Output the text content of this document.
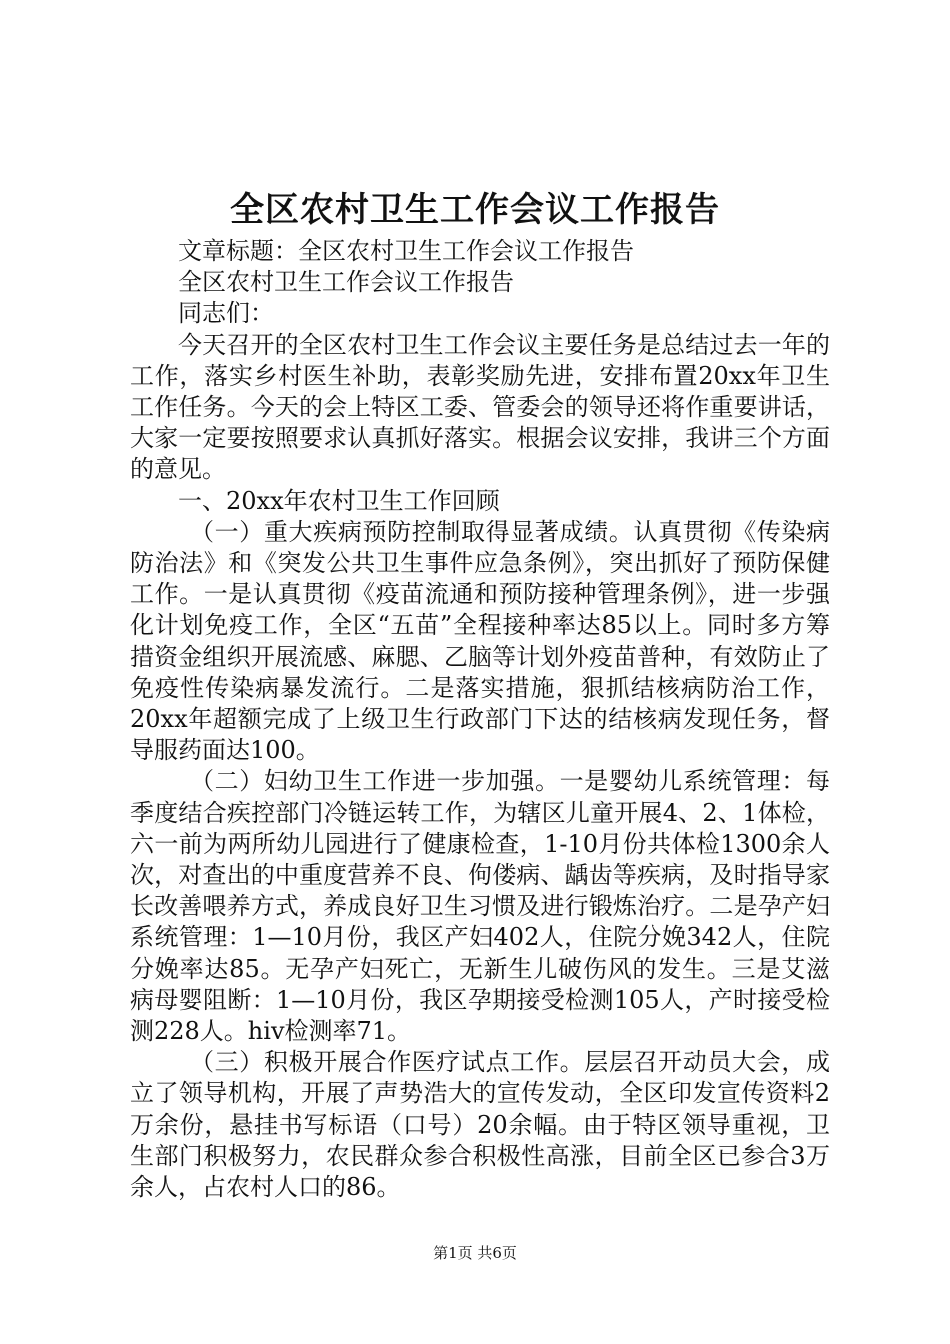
全区农村卫生工作会议工作报告

文章标题：全区农村卫生工作会议工作报告

全区农村卫生工作会议工作报告

同志们：

今天召开的全区农村卫生工作会议主要任务是总结过去一年的工作，落实乡村医生补助，表彰奖励先进，安排布置20xx年卫生工作任务。今天的会上特区工委、管委会的领导还将作重要讲话，大家一定要按照要求认真抓好落实。根据会议安排，我讲三个方面的意见。

一、20xx年农村卫生工作回顾

（一）重大疾病预防控制取得显著成绩。认真贯彻《传染病防治法》和《突发公共卫生事件应急条例》，突出抓好了预防保健工作。一是认真贯彻《疫苗流通和预防接种管理条例》，进一步强化计划免疫工作，全区“五苗”全程接种率达85以上。同时多方筹措资金组织开展流感、麻腮、乙脑等计划外疫苗普种，有效防止了免疫性传染病暴发流行。二是落实措施，狠抓结核病防治工作，20xx年超额完成了上级卫生行政部门下达的结核病发现任务，督导服药面达100。

（二）妇幼卫生工作进一步加强。一是婴幼儿系统管理：每季度结合疾控部门冷链运转工作，为辖区儿童开展4、2、1体检，六一前为两所幼儿园进行了健康检查，1-10月份共体检1300余人次，对查出的中重度营养不良、佝偻病、龋齿等疾病，及时指导家长改善喂养方式，养成良好卫生习惯及进行锻炼治疗。二是孕产妇系统管理：1—10月份，我区产妇402人，住院分娩342人，住院分娩率达85。无孕产妇死亡，无新生儿破伤风的发生。三是艾滋病母婴阻断：1—10月份，我区孕期接受检测105人，产时接受检测228人。hiv检测率71。

（三）积极开展合作医疗试点工作。层层召开动员大会，成立了领导机构，开展了声势浩大的宣传发动，全区印发宣传资料2万余份，悬挂书写标语（口号）20余幅。由于特区领导重视，卫生部门积极努力，农民群众参合积极性高涨，目前全区已参合3万余人，占农村人口的86。

第1页 共6页
